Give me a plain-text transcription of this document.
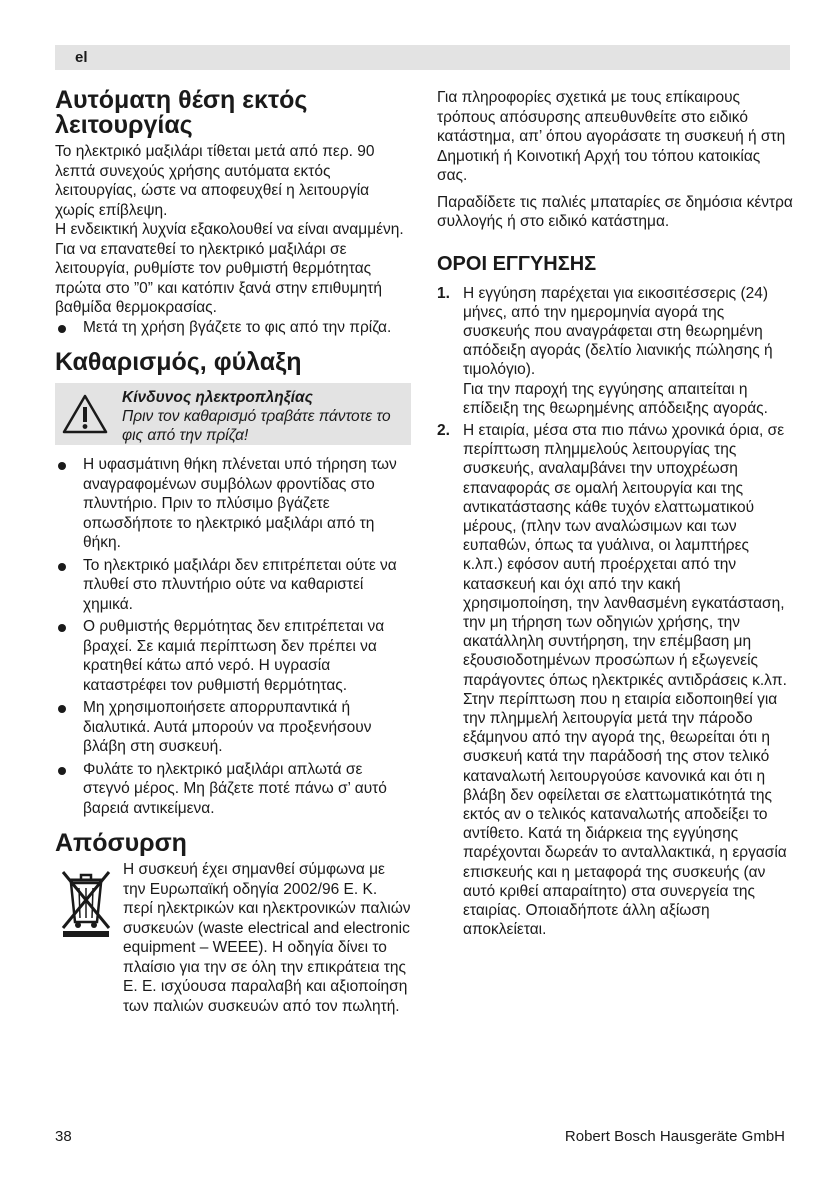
el
Αυτόματη θέση εκτός λειτουργίας

Το ηλεκτρικό μαξιλάρι τίθεται μετά από περ. 90 λεπτά συνεχούς χρήσης αυτόματα εκτός λειτουργίας, ώστε να αποφευχθεί η λειτουργία χωρίς επίβλεψη.

Η ενδεικτική λυχνία εξακολουθεί να είναι αναμμένη. Για να επανατεθεί το ηλεκτρικό μαξιλάρι σε λειτουργία, ρυθμίστε τον ρυθμιστή θερμότητας πρώτα στο ”0” και κατόπιν ξανά στην επιθυμητή βαθμίδα θερμοκρασίας.

Μετά τη χρήση βγάζετε το φις από την πρίζα.
Καθαρισμός, φύλαξη
Κίνδυνος ηλεκτροπληξίας
Πριν τον καθαρισμό τραβάτε πάντοτε το φις από την πρίζα!
Η υφασμάτινη θήκη πλένεται υπό τήρηση των αναγραφομένων συμβόλων φροντίδας στο πλυντήριο. Πριν το πλύσιμο βγάζετε οπωσδήποτε το ηλεκτρικό μαξιλάρι από τη θήκη.
Το ηλεκτρικό μαξιλάρι δεν επιτρέπεται ούτε να πλυθεί στο πλυντήριο ούτε να καθαριστεί χημικά.
Ο ρυθμιστής θερμότητας δεν επιτρέπεται να βραχεί. Σε καμιά περίπτωση δεν πρέπει να κρατηθεί κάτω από νερό. Η υγρασία καταστρέφει τον ρυθμιστή θερμότητας.
Μη χρησιμοποιήσετε απορρυπαντικά ή διαλυτικά. Αυτά μπορούν να προξενήσουν βλάβη στη συσκευή.
Φυλάτε το ηλεκτρικό μαξιλάρι απλωτά σε στεγνό μέρος. Μη βάζετε ποτέ πάνω σ’ αυτό βαρειά αντικείμενα.
Απόσυρση

Η συσκευή έχει σημανθεί σύμφωνα με την Ευρωπαϊκή οδηγία 2002/96 Ε. Κ. περί ηλεκτρικών και ηλεκτρονικών παλιών συσκευών (waste electrical and electronic equipment – WEEE). Η οδηγία δίνει το πλαίσιο για την σε όλη την επικράτεια της Ε. Ε. ισχύουσα παραλαβή και αξιοποίηση των παλιών συσκευών από τον πωλητή.

Για πληροφορίες σχετικά με τους επίκαιρους τρόπους απόσυρσης απευθυνθείτε στο ειδικό κατάστημα, απ’ όπου αγοράσατε τη συσκευή ή στη Δημοτική ή Κοινοτική Αρχή του τόπου κατοικίας σας.

Παραδίδετε τις παλιές μπαταρίες σε δημόσια κέντρα συλλογής ή στο ειδικό κατάστημα.

ΟΡΟΙ ΕΓΓΥΗΣΗΣ
1. Η εγγύηση παρέχεται για εικοσιτέσσερις (24) μήνες, από την ημερομηνία αγορά της συσκευής που αναγράφεται στη θεωρημένη απόδειξη αγοράς (δελτίο λιανικής πώλησης ή τιμολόγιο).
Για την παροχή της εγγύησης απαιτείται η επίδειξη της θεωρημένης απόδειξης αγοράς.
2. Η εταιρία, μέσα στα πιο πάνω χρονικά όρια, σε περίπτωση πλημμελούς λειτουργίας της συσκευής, αναλαμβάνει την υποχρέωση επαναφοράς σε ομαλή λειτουργία και της αντικατάστασης κάθε τυχόν ελαττωματικού μέρους, (πλην των αναλώσιμων και των ευπαθών, όπως τα γυάλινα, οι λαμπτήρες κ.λπ.) εφόσον αυτή προέρχεται από την κατασκευή και όχι από την κακή χρησιμοποίηση, την λανθασμένη εγκατάσταση, την μη τήρηση των οδηγιών χρήσης, την ακατάλληλη συντήρηση, την επέμβαση μη εξουσιοδοτημένων προσώπων ή εξωγενείς παράγοντες όπως ηλεκτρικές αντιδράσεις κ.λπ. Στην περίπτωση που η εταιρία ειδοποιηθεί για την πλημμελή λειτουργία μετά την πάροδο εξάμηνου από την αγορά της, θεωρείται ότι η συσκευή κατά την παράδοσή της στον τελικό καταναλωτή λειτουργούσε κανονικά και ότι η βλάβη δεν οφείλεται σε ελαττωματικότητά της εκτός αν ο τελικός καταναλωτής αποδείξει το αντίθετο. Κατά τη διάρκεια της εγγύησης παρέχονται δωρεάν το ανταλλακτικά, η εργασία επισκευής και η μεταφορά της συσκευής (αν αυτό κριθεί απαραίτητο) στα συνεργεία της εταιρίας. Οποιαδήποτε άλλη αξίωση αποκλείεται.
38	Robert Bosch Hausgeräte GmbH
